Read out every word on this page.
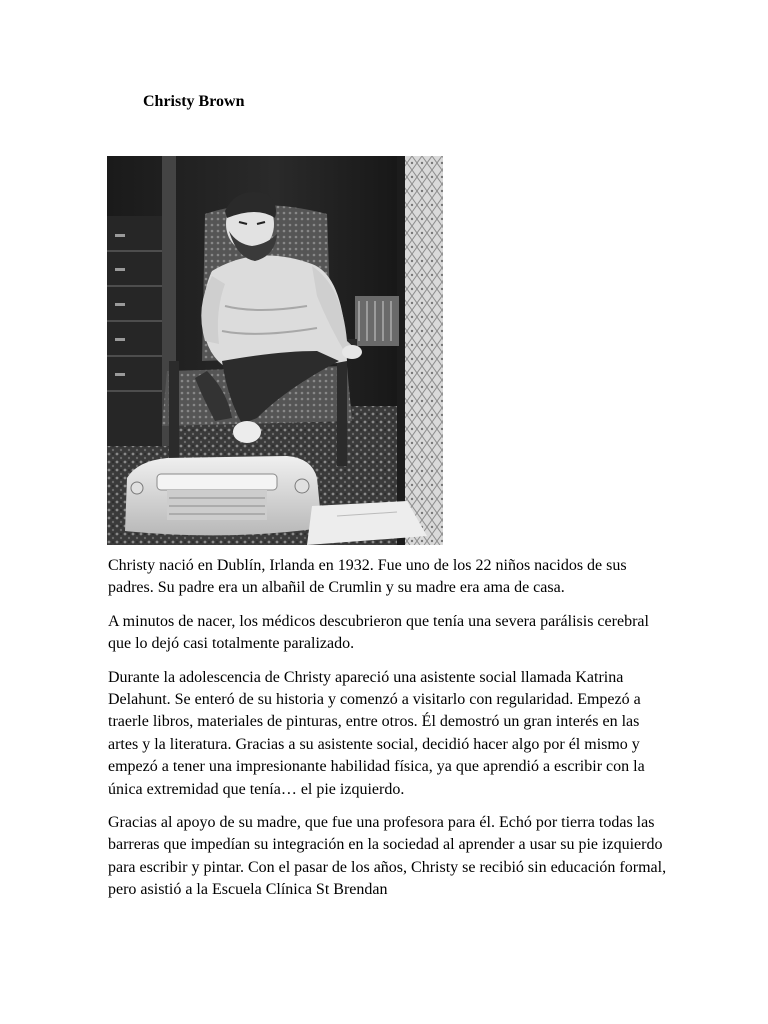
Christy Brown

Christy nació en Dublín, Irlanda en 1932. Fue uno de los 22 niños nacidos de sus padres. Su padre era un albañil de Crumlin y su madre era ama de casa.

A minutos de nacer, los médicos descubrieron que tenía una severa parálisis cerebral que lo dejó casi totalmente paralizado.

Durante la adolescencia de Christy apareció una asistente social llamada Katrina Delahunt. Se enteró de su historia y comenzó a visitarlo con regularidad. Empezó a traerle libros, materiales de pinturas, entre otros. Él demostró un gran interés en las artes y la literatura. Gracias a su asistente social, decidió hacer algo por él mismo y empezó a tener una impresionante habilidad física, ya que aprendió a escribir con la única extremidad que tenía… el pie izquierdo.

Gracias al apoyo de su madre, que fue una profesora para él. Echó por tierra todas las barreras que impedían su integración en la sociedad al aprender a usar su pie izquierdo para escribir y pintar. Con el pasar de los años, Christy se recibió sin educación formal, pero asistió a la Escuela Clínica St Brendan
